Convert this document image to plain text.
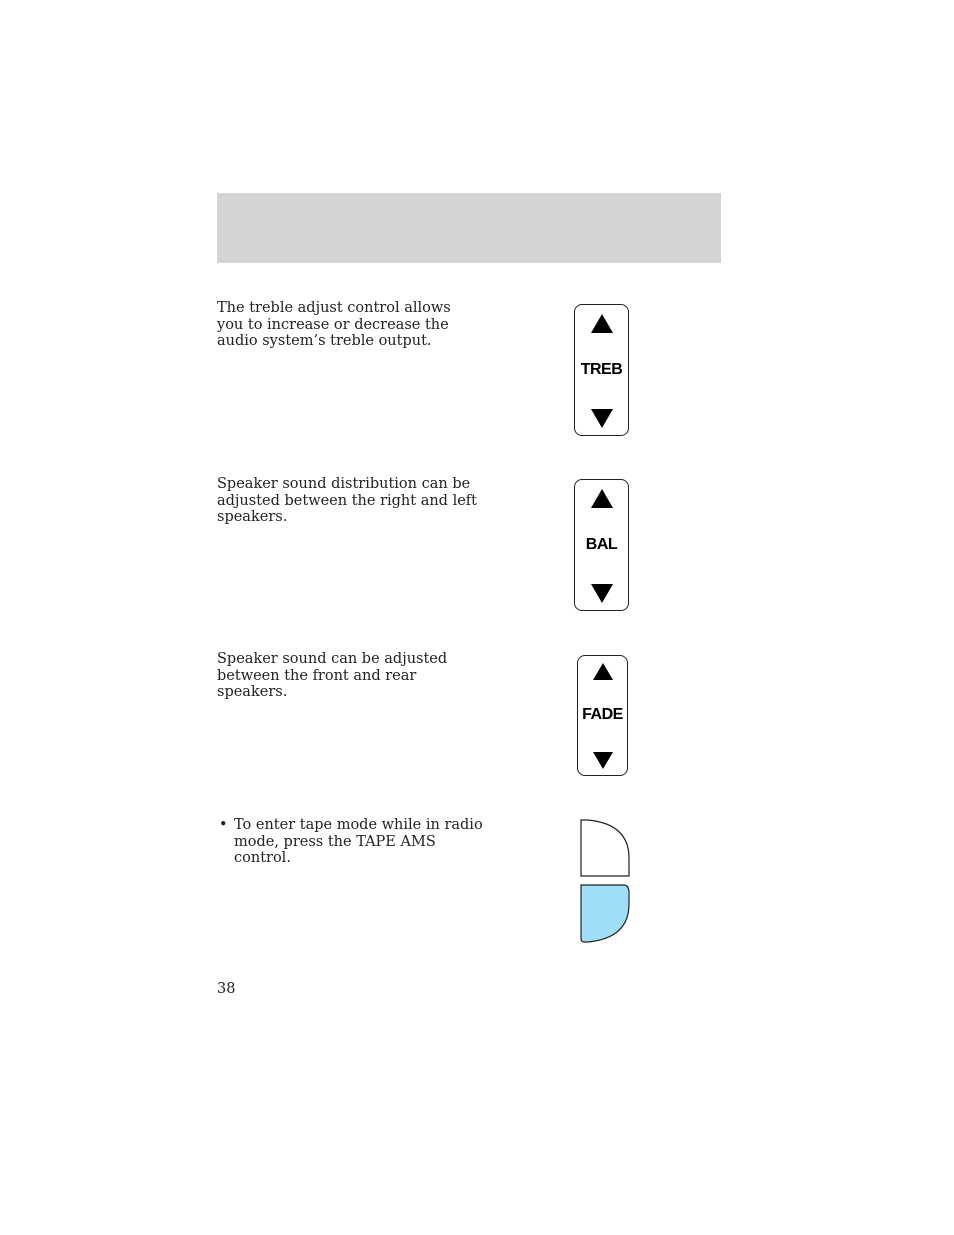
The treble adjust control allows you to increase or decrease the audio system’s treble output.
TREB
Speaker sound distribution can be adjusted between the right and left speakers.
BAL
Speaker sound can be adjusted between the front and rear speakers.
FADE
• To enter tape mode while in radio mode, press the TAPE AMS control.
38
